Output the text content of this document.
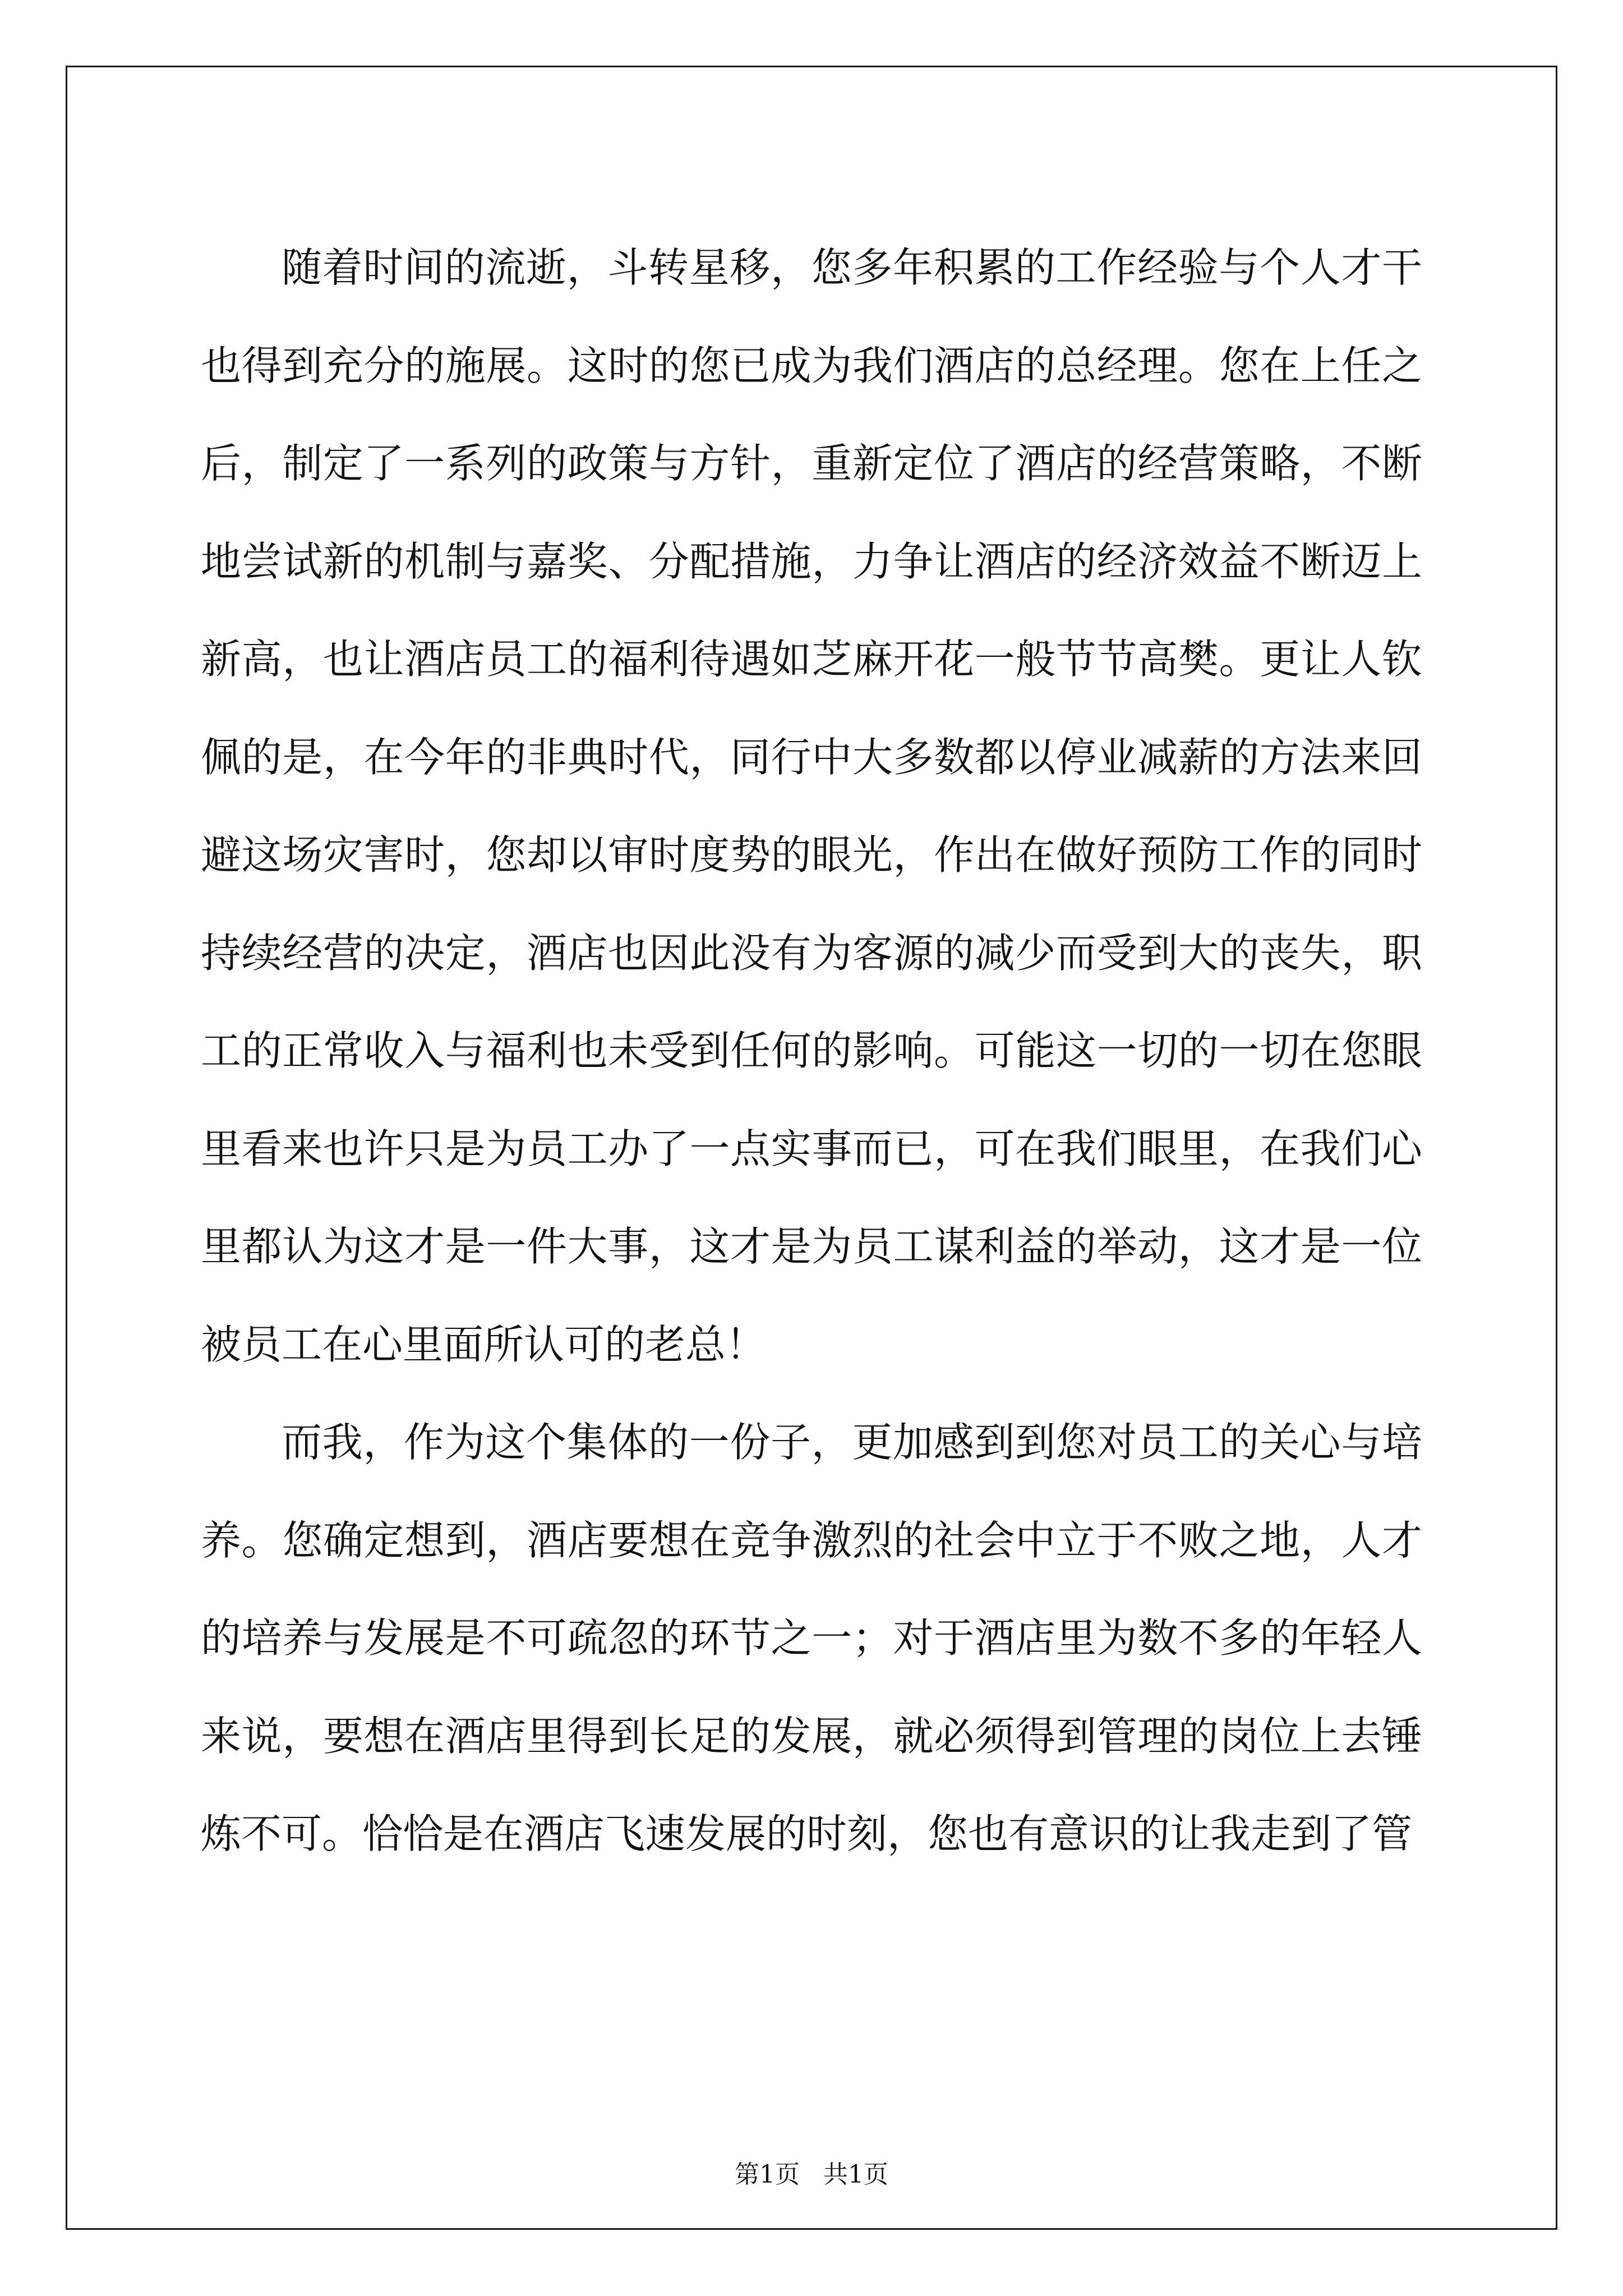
随着时间的流逝，斗转星移，您多年积累的工作经验与个人才干也得到充分的施展。这时的您已成为我们酒店的总经理。您在上任之后，制定了一系列的政策与方针，重新定位了酒店的经营策略，不断地尝试新的机制与嘉奖、分配措施，力争让酒店的经济效益不断迈上新高，也让酒店员工的福利待遇如芝麻开花一般节节高樊。更让人钦佩的是，在今年的非典时代，同行中大多数都以停业减薪的方法来回避这场灾害时，您却以审时度势的眼光，作出在做好预防工作的同时持续经营的决定，酒店也因此没有为客源的减少而受到大的丧失，职工的正常收入与福利也未受到任何的影响。可能这一切的一切在您眼里看来也许只是为员工办了一点实事而已，可在我们眼里，在我们心里都认为这才是一件大事，这才是为员工谋利益的举动，这才是一位被员工在心里面所认可的老总！

而我，作为这个集体的一份子，更加感到到您对员工的关心与培养。您确定想到，酒店要想在竞争激烈的社会中立于不败之地，人才的培养与发展是不可疏忽的环节之一；对于酒店里为数不多的年轻人来说，要想在酒店里得到长足的发展，就必须得到管理的岗位上去锤炼不可。恰恰是在酒店飞速发展的时刻，您也有意识的让我走到了管

第1页 共1页
